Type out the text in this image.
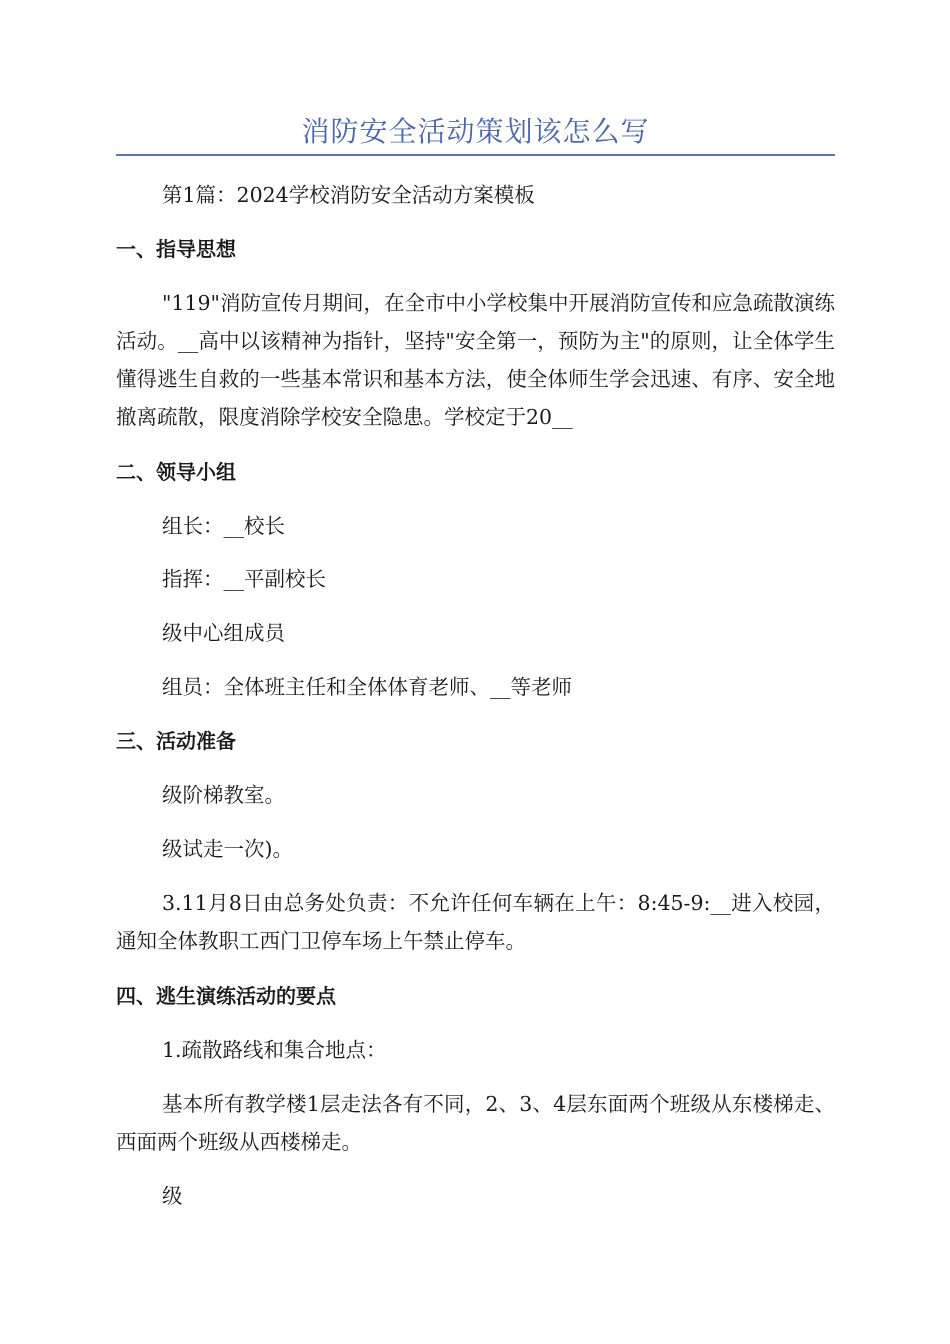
消防安全活动策划该怎么写
第1篇：2024学校消防安全活动方案模板
一、指导思想
"119"消防宣传月期间，在全市中小学校集中开展消防宣传和应急疏散演练活动。__高中以该精神为指针，坚持"安全第一，预防为主"的原则，让全体学生懂得逃生自救的一些基本常识和基本方法，使全体师生学会迅速、有序、安全地撤离疏散，限度消除学校安全隐患。学校定于20__
二、领导小组
组长：__校长
指挥：__平副校长
级中心组成员
组员：全体班主任和全体体育老师、__等老师
三、活动准备
级阶梯教室。
级试走一次)。
3.11月8日由总务处负责：不允许任何车辆在上午：8:45-9:__进入校园，通知全体教职工西门卫停车场上午禁止停车。
四、逃生演练活动的要点
1.疏散路线和集合地点：
基本所有教学楼1层走法各有不同，2、3、4层东面两个班级从东楼梯走、西面两个班级从西楼梯走。
级
